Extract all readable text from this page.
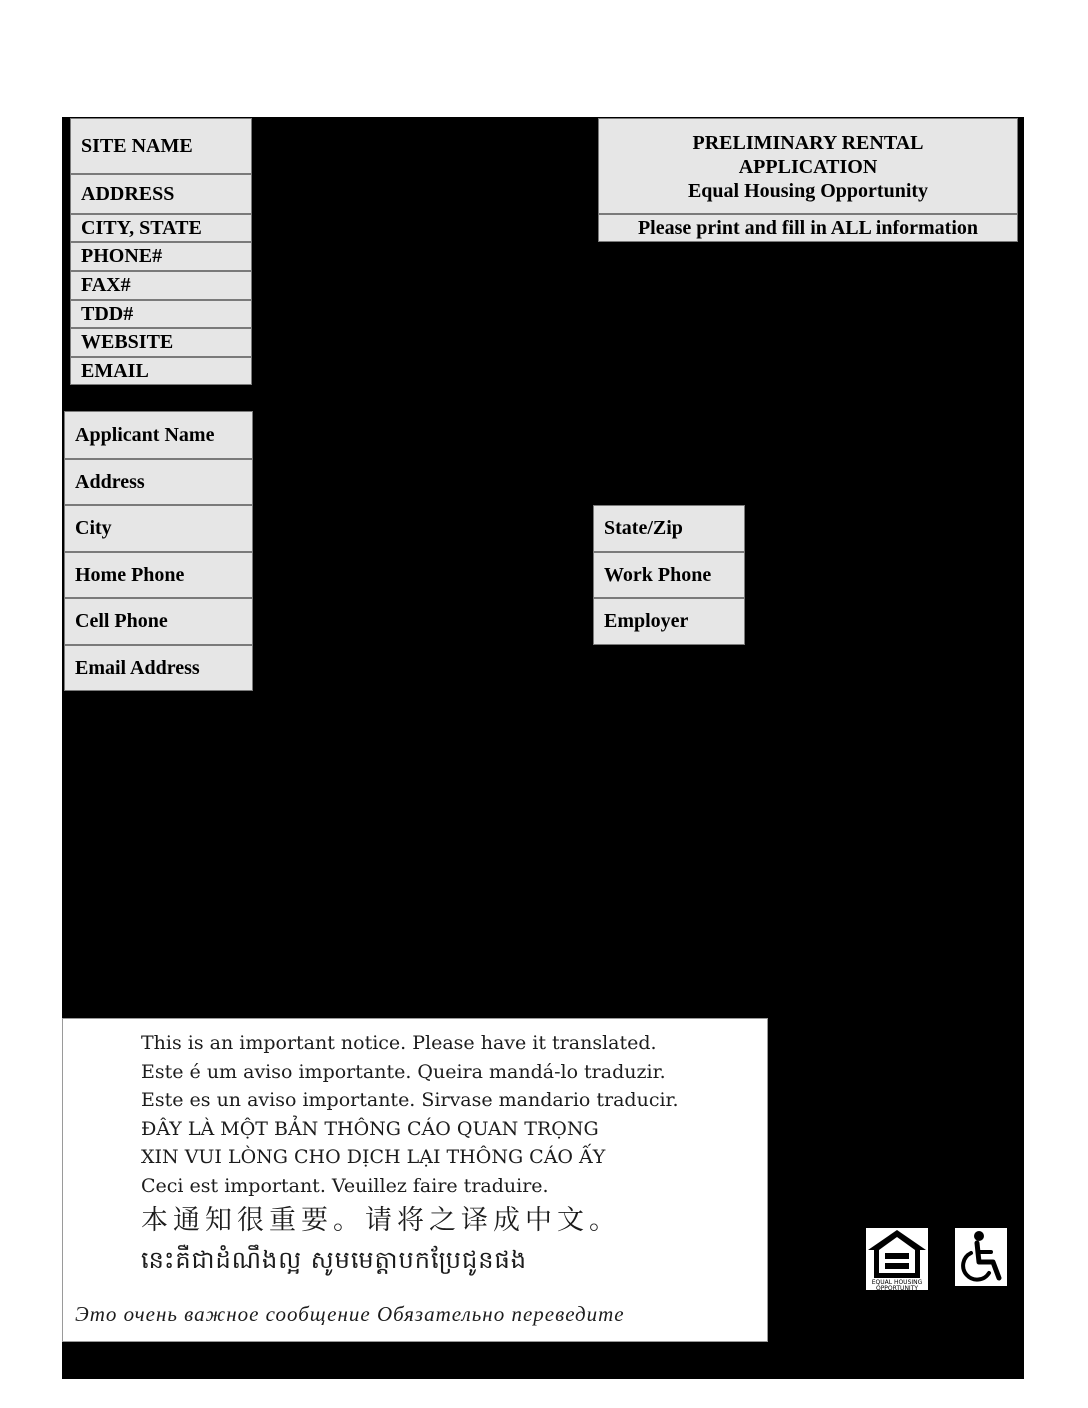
SITE NAME
ADDRESS
CITY, STATE
PHONE#
FAX#
TDD#
WEBSITE
EMAIL
PRELIMINARY RENTAL
APPLICATION
Equal Housing Opportunity
Please print and fill in ALL information
Applicant Name
Address
City
Home Phone
Cell Phone
Email Address
State/Zip
Work Phone
Employer
This is an important notice. Please have it translated.
Este é um aviso importante. Queira mandá-lo traduzir.
Este es un aviso importante. Sirvase mandario traducir.
ĐÂY LÀ MỘT BẢN THÔNG CÁO QUAN TRỌNG
XIN VUI LÒNG CHO DỊCH LẠI THÔNG CÁO ẤY
Ceci est important. Veuillez faire traduire.
本通知很重要。请将之译成中文。
នេះគឺជាដំណឹងល្អ សូមមេត្តាបកប្រែជូនផង
Это очень важное сообщение Обязательно переведите
EQUAL HOUSING
OPPORTUNITY
